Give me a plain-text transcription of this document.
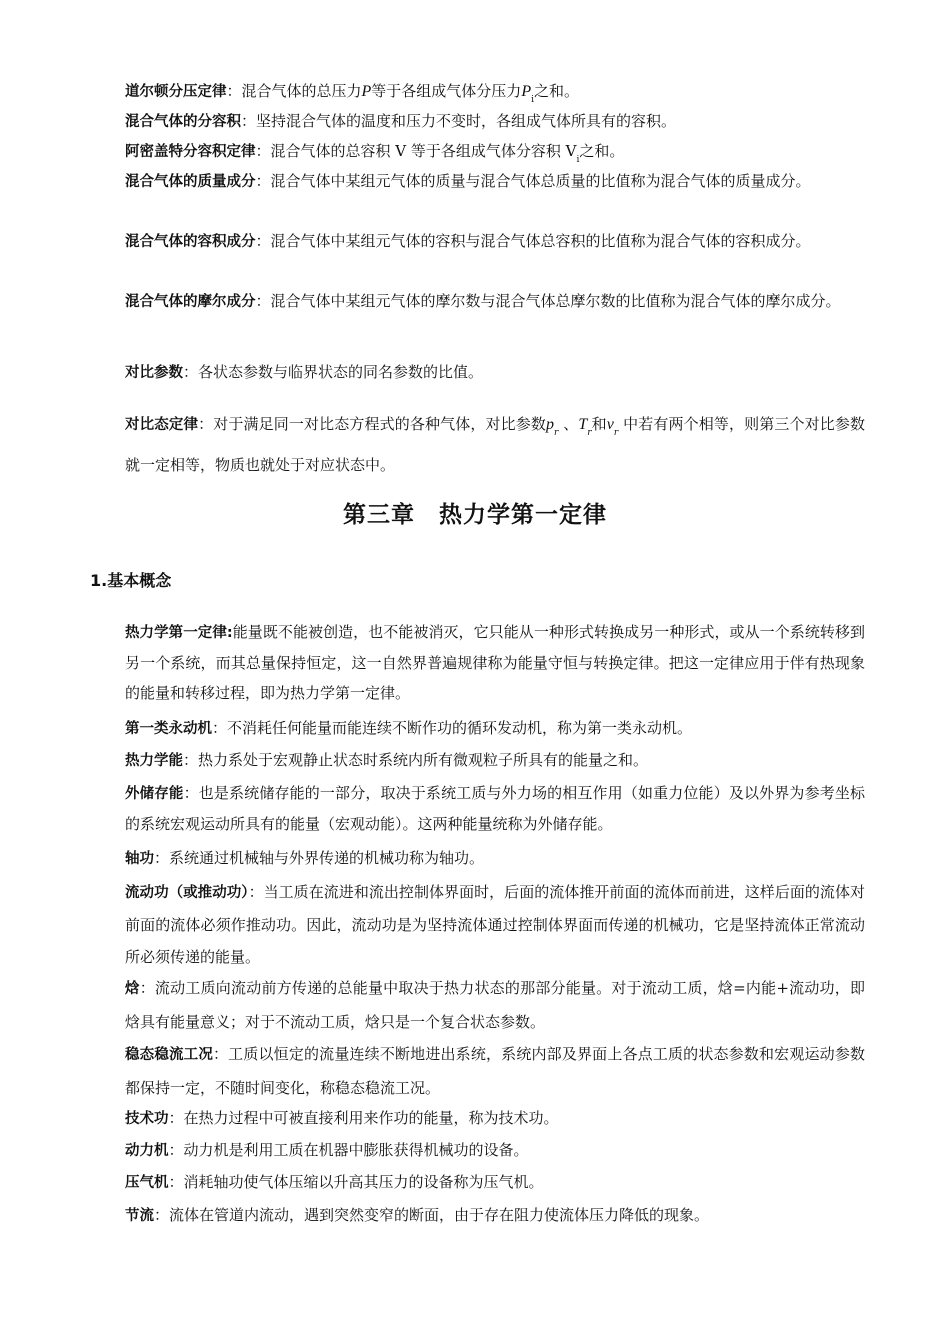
道尔顿分压定律：混合气体的总压力P等于各组成气体分压力$P_i$之和。

混合气体的分容积：坚持混合气体的温度和压力不变时，各组成气体所具有的容积。

阿密盖特分容积定律：混合气体的总容积 V 等于各组成气体分容积 $V_i$之和。

混合气体的质量成分：混合气体中某组元气体的质量与混合气体总质量的比值称为混合气体的质量成分。

混合气体的容积成分：混合气体中某组元气体的容积与混合气体总容积的比值称为混合气体的容积成分。

混合气体的摩尔成分：混合气体中某组元气体的摩尔数与混合气体总摩尔数的比值称为混合气体的摩尔成分。

对比参数：各状态参数与临界状态的同名参数的比值。

对比态定律：对于满足同一对比态方程式的各种气体，对比参数$p_r$ 、$T_r$和$v_r$ 中若有两个相等，则第三个对比参数就一定相等，物质也就处于对应状态中。

第三章　热力学第一定律
1.基本概念

热力学第一定律:能量既不能被创造，也不能被消灭，它只能从一种形式转换成另一种形式，或从一个系统转移到另一个系统，而其总量保持恒定，这一自然界普遍规律称为能量守恒与转换定律。把这一定律应用于伴有热现象的能量和转移过程，即为热力学第一定律。

第一类永动机：不消耗任何能量而能连续不断作功的循环发动机，称为第一类永动机。

热力学能：热力系处于宏观静止状态时系统内所有微观粒子所具有的能量之和。

外储存能：也是系统储存能的一部分，取决于系统工质与外力场的相互作用（如重力位能）及以外界为参考坐标的系统宏观运动所具有的能量（宏观动能）。这两种能量统称为外储存能。

轴功：系统通过机械轴与外界传递的机械功称为轴功。

流动功（或推动功）：当工质在流进和流出控制体界面时，后面的流体推开前面的流体而前进，这样后面的流体对前面的流体必须作推动功。因此，流动功是为坚持流体通过控制体界面而传递的机械功，它是坚持流体正常流动所必须传递的能量。

焓：流动工质向流动前方传递的总能量中取决于热力状态的那部分能量。对于流动工质，焓=内能+流动功，即焓具有能量意义；对于不流动工质，焓只是一个复合状态参数。

稳态稳流工况：工质以恒定的流量连续不断地进出系统，系统内部及界面上各点工质的状态参数和宏观运动参数都保持一定，不随时间变化，称稳态稳流工况。

技术功：在热力过程中可被直接利用来作功的能量，称为技术功。

动力机：动力机是利用工质在机器中膨胀获得机械功的设备。

压气机：消耗轴功使气体压缩以升高其压力的设备称为压气机。

节流：流体在管道内流动，遇到突然变窄的断面，由于存在阻力使流体压力降低的现象。
